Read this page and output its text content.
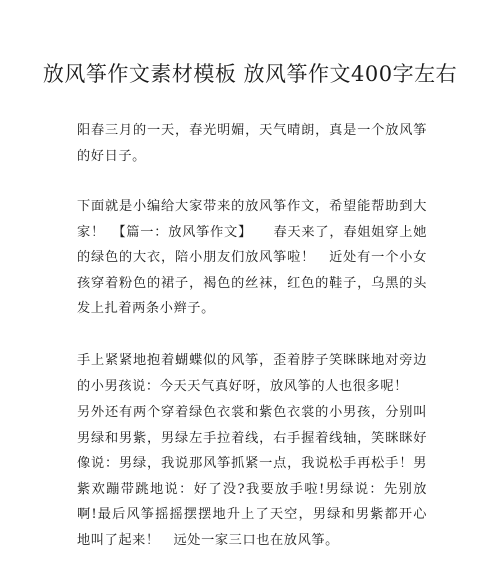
放风筝作文素材模板 放风筝作文400字左右

阳春三月的一天，春光明媚，天气晴朗，真是一个放风筝的好日子。

下面就是小编给大家带来的放风筝作文，希望能帮助到大家！　【篇一：放风筝作文】　　春天来了，春姐姐穿上她的绿色的大衣，陪小朋友们放风筝啦！　近处有一个小女孩穿着粉色的裙子，褐色的丝袜，红色的鞋子，乌黑的头发上扎着两条小辫子。

手上紧紧地抱着蝴蝶似的风筝，歪着脖子笑眯眯地对旁边的小男孩说：今天天气真好呀，放风筝的人也很多呢！

另外还有两个穿着绿色衣裳和紫色衣裳的小男孩，分别叫男绿和男紫，男绿左手拉着线，右手握着线轴，笑眯眯好像说：男绿，我说那风筝抓紧一点，我说松手再松手！男紫欢蹦带跳地说：好了没?我要放手啦!男绿说：先别放啊!最后风筝摇摇摆摆地升上了天空，男绿和男紫都开心地叫了起来！　远处一家三口也在放风筝。
